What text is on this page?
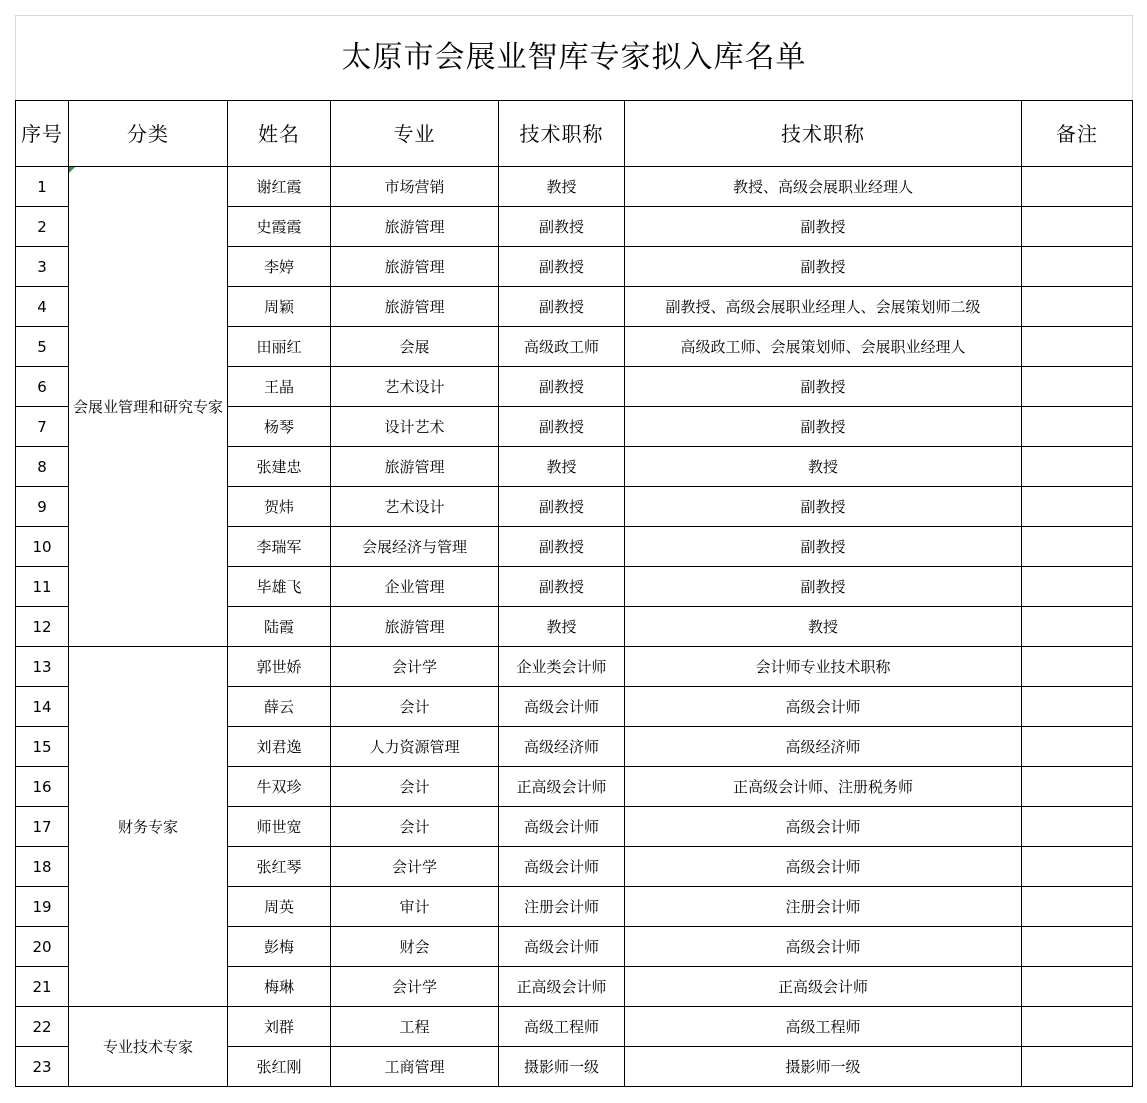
太原市会展业智库专家拟入库名单						
序号	分类	姓名	专业	技术职称	技术职称	备注
1	会展业管理和研究专家	谢红霞	市场营销	教授	教授、高级会展职业经理人	
2		史霞霞	旅游管理	副教授	副教授	
3		李婷	旅游管理	副教授	副教授	
4		周颖	旅游管理	副教授	副教授、高级会展职业经理人、会展策划师二级	
5		田丽红	会展	高级政工师	高级政工师、会展策划师、会展职业经理人	
6		王晶	艺术设计	副教授	副教授	
7		杨琴	设计艺术	副教授	副教授	
8		张建忠	旅游管理	教授	教授	
9		贺炜	艺术设计	副教授	副教授	
10		李瑞军	会展经济与管理	副教授	副教授	
11		毕雄飞	企业管理	副教授	副教授	
12		陆霞	旅游管理	教授	教授	
13	财务专家	郭世娇	会计学	企业类会计师	会计师专业技术职称	
14		薛云	会计	高级会计师	高级会计师	
15		刘君逸	人力资源管理	高级经济师	高级经济师	
16		牛双珍	会计	正高级会计师	正高级会计师、注册税务师	
17		师世宽	会计	高级会计师	高级会计师	
18		张红琴	会计学	高级会计师	高级会计师	
19		周英	审计	注册会计师	注册会计师	
20		彭梅	财会	高级会计师	高级会计师	
21		梅琳	会计学	正高级会计师	正高级会计师	
22	专业技术专家	刘群	工程	高级工程师	高级工程师	
23		张红刚	工商管理	摄影师一级	摄影师一级	
